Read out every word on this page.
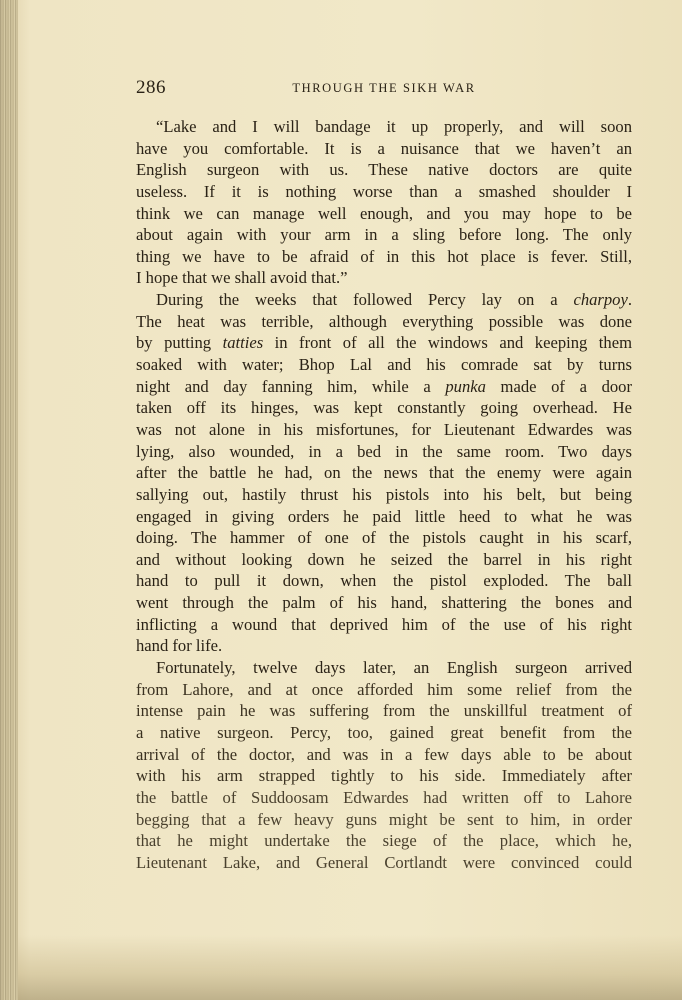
286	THROUGH THE SIKH WAR
“Lake and I will bandage it up properly, and will soon
have you comfortable. It is a nuisance that we haven’t an
English surgeon with us. These native doctors are quite
useless. If it is nothing worse than a smashed shoulder I
think we can manage well enough, and you may hope to be
about again with your arm in a sling before long. The only
thing we have to be afraid of in this hot place is fever. Still,
I hope that we shall avoid that.”
During the weeks that followed Percy lay on a charpoy.
The heat was terrible, although everything possible was done
by putting tatties in front of all the windows and keeping them
soaked with water; Bhop Lal and his comrade sat by turns
night and day fanning him, while a punka made of a door
taken off its hinges, was kept constantly going overhead. He
was not alone in his misfortunes, for Lieutenant Edwardes was
lying, also wounded, in a bed in the same room. Two days
after the battle he had, on the news that the enemy were again
sallying out, hastily thrust his pistols into his belt, but being
engaged in giving orders he paid little heed to what he was
doing. The hammer of one of the pistols caught in his scarf,
and without looking down he seized the barrel in his right
hand to pull it down, when the pistol exploded. The ball
went through the palm of his hand, shattering the bones and
inflicting a wound that deprived him of the use of his right
hand for life.
Fortunately, twelve days later, an English surgeon arrived
from Lahore, and at once afforded him some relief from the
intense pain he was suffering from the unskillful treatment of
a native surgeon. Percy, too, gained great benefit from the
arrival of the doctor, and was in a few days able to be about
with his arm strapped tightly to his side. Immediately after
the battle of Suddoosam Edwardes had written off to Lahore
begging that a few heavy guns might be sent to him, in order
that he might undertake the siege of the place, which he,
Lieutenant Lake, and General Cortlandt were convinced could
